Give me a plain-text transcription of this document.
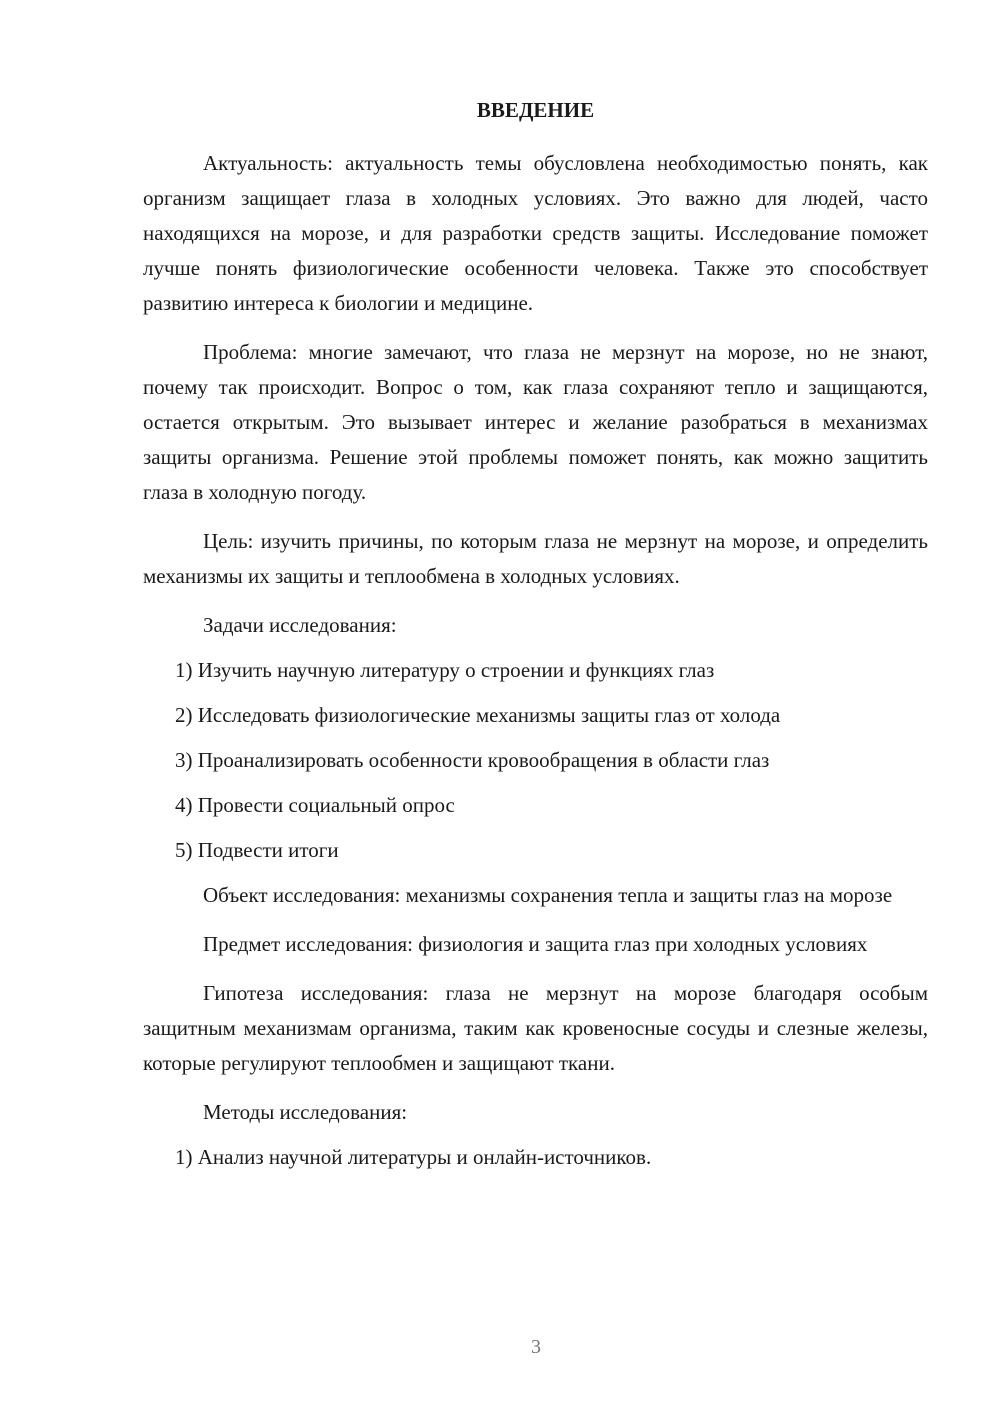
ВВЕДЕНИЕ

Актуальность: актуальность темы обусловлена необходимостью понять, как организм защищает глаза в холодных условиях. Это важно для людей, часто находящихся на морозе, и для разработки средств защиты. Исследование поможет лучше понять физиологические особенности человека. Также это способствует развитию интереса к биологии и медицине.

Проблема: многие замечают, что глаза не мерзнут на морозе, но не знают, почему так происходит. Вопрос о том, как глаза сохраняют тепло и защищаются, остается открытым. Это вызывает интерес и желание разобраться в механизмах защиты организма. Решение этой проблемы поможет понять, как можно защитить глаза в холодную погоду.

Цель: изучить причины, по которым глаза не мерзнут на морозе, и определить механизмы их защиты и теплообмена в холодных условиях.

Задачи исследования:
1) Изучить научную литературу о строении и функциях глаз
2) Исследовать физиологические механизмы защиты глаз от холода
3) Проанализировать особенности кровообращения в области глаз
4) Провести социальный опрос
5) Подвести итоги

Объект исследования: механизмы сохранения тепла и защиты глаз на морозе

Предмет исследования: физиология и защита глаз при холодных условиях

Гипотеза исследования: глаза не мерзнут на морозе благодаря особым защитным механизмам организма, таким как кровеносные сосуды и слезные железы, которые регулируют теплообмен и защищают ткани.

Методы исследования:
1) Анализ научной литературы и онлайн-источников.
3
